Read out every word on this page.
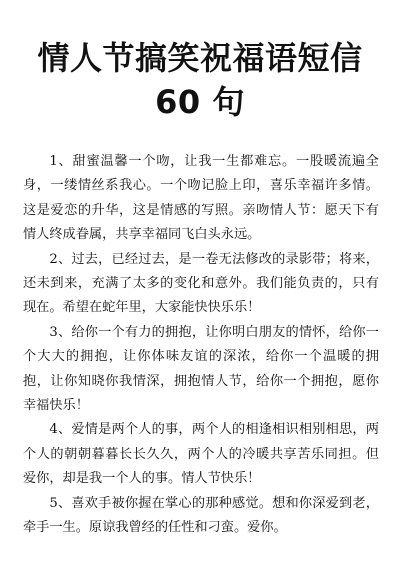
情人节搞笑祝福语短信 60 句

1、甜蜜温馨一个吻，让我一生都难忘。一股暖流遍全身，一缕情丝系我心。一个吻记脸上印，喜乐幸福许多情。这是爱恋的升华，这是情感的写照。亲吻情人节：愿天下有情人终成眷属，共享幸福同飞白头永远。

2、过去，已经过去，是一卷无法修改的录影带；将来，还未到来，充满了太多的变化和意外。我们能负责的，只有现在。希望在蛇年里，大家能快快乐乐！

3、给你一个有力的拥抱，让你明白朋友的情怀，给你一个大大的拥抱，让你体味友谊的深浓，给你一个温暖的拥抱，让你知晓你我情深，拥抱情人节，给你一个拥抱，愿你幸福快乐！

4、爱情是两个人的事，两个人的相逢相识相别相思，两个人的朝朝暮暮长长久久，两个人的冷暖共享苦乐同担。但爱你，却是我一个人的事。情人节快乐！

5、喜欢手被你握在掌心的那种感觉。想和你深爱到老，牵手一生。原谅我曾经的任性和刁蛮。爱你。
